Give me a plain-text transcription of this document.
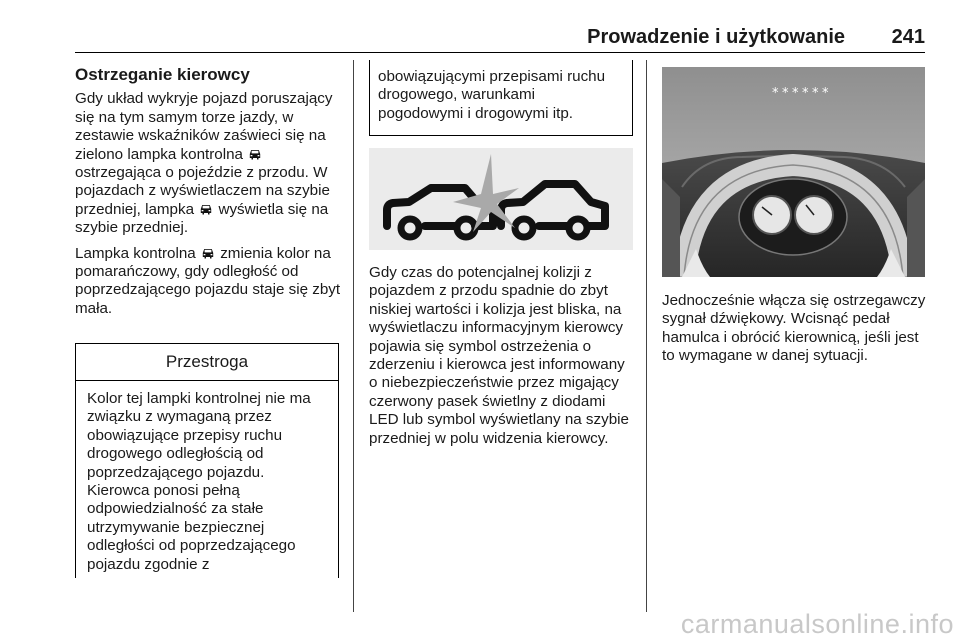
Prowadzenie i użytkowanie 241
Ostrzeganie kierowcy

Gdy układ wykryje pojazd poruszający się na tym samym torze jazdy, w zestawie wskaźników zaświeci się na zielono lampka kontrolna  ostrzegająca o pojeździe z przodu. W pojazdach z wyświetlaczem na szybie przedniej, lampka wyświetla się na szybie przedniej.

Lampka kontrolna zmienia kolor na pomarańczowy, gdy odległość od poprzedzającego pojazdu staje się zbyt mała.

Przestroga
Kolor tej lampki kontrolnej nie ma związku z wymaganą przez obowiązujące przepisy ruchu drogowego odległością od poprzedzającego pojazdu. Kierowca ponosi pełną odpowiedzialność za stałe utrzymywanie bezpiecznej odległości od poprzedzającego pojazdu zgodnie z
obowiązującymi przepisami ruchu drogowego, warunkami pogodowymi i drogowymi itp.

Gdy czas do potencjalnej kolizji z pojazdem z przodu spadnie do zbyt niskiej wartości i kolizja jest bliska, na wyświetlaczu informacyjnym kierowcy pojawia się symbol ostrzeżenia o zderzeniu i kierowca jest informowany o niebezpieczeństwie przez migający czerwony pasek świetlny z diodami LED lub symbol wyświetlany na szybie przedniej w polu widzenia kierowcy.

* * * * * *

Jednocześnie włącza się ostrzegawczy sygnał dźwiękowy. Wcisnąć pedał hamulca i obrócić kierownicą, jeśli jest to wymagane w danej sytuacji.

carmanualsonline.info
